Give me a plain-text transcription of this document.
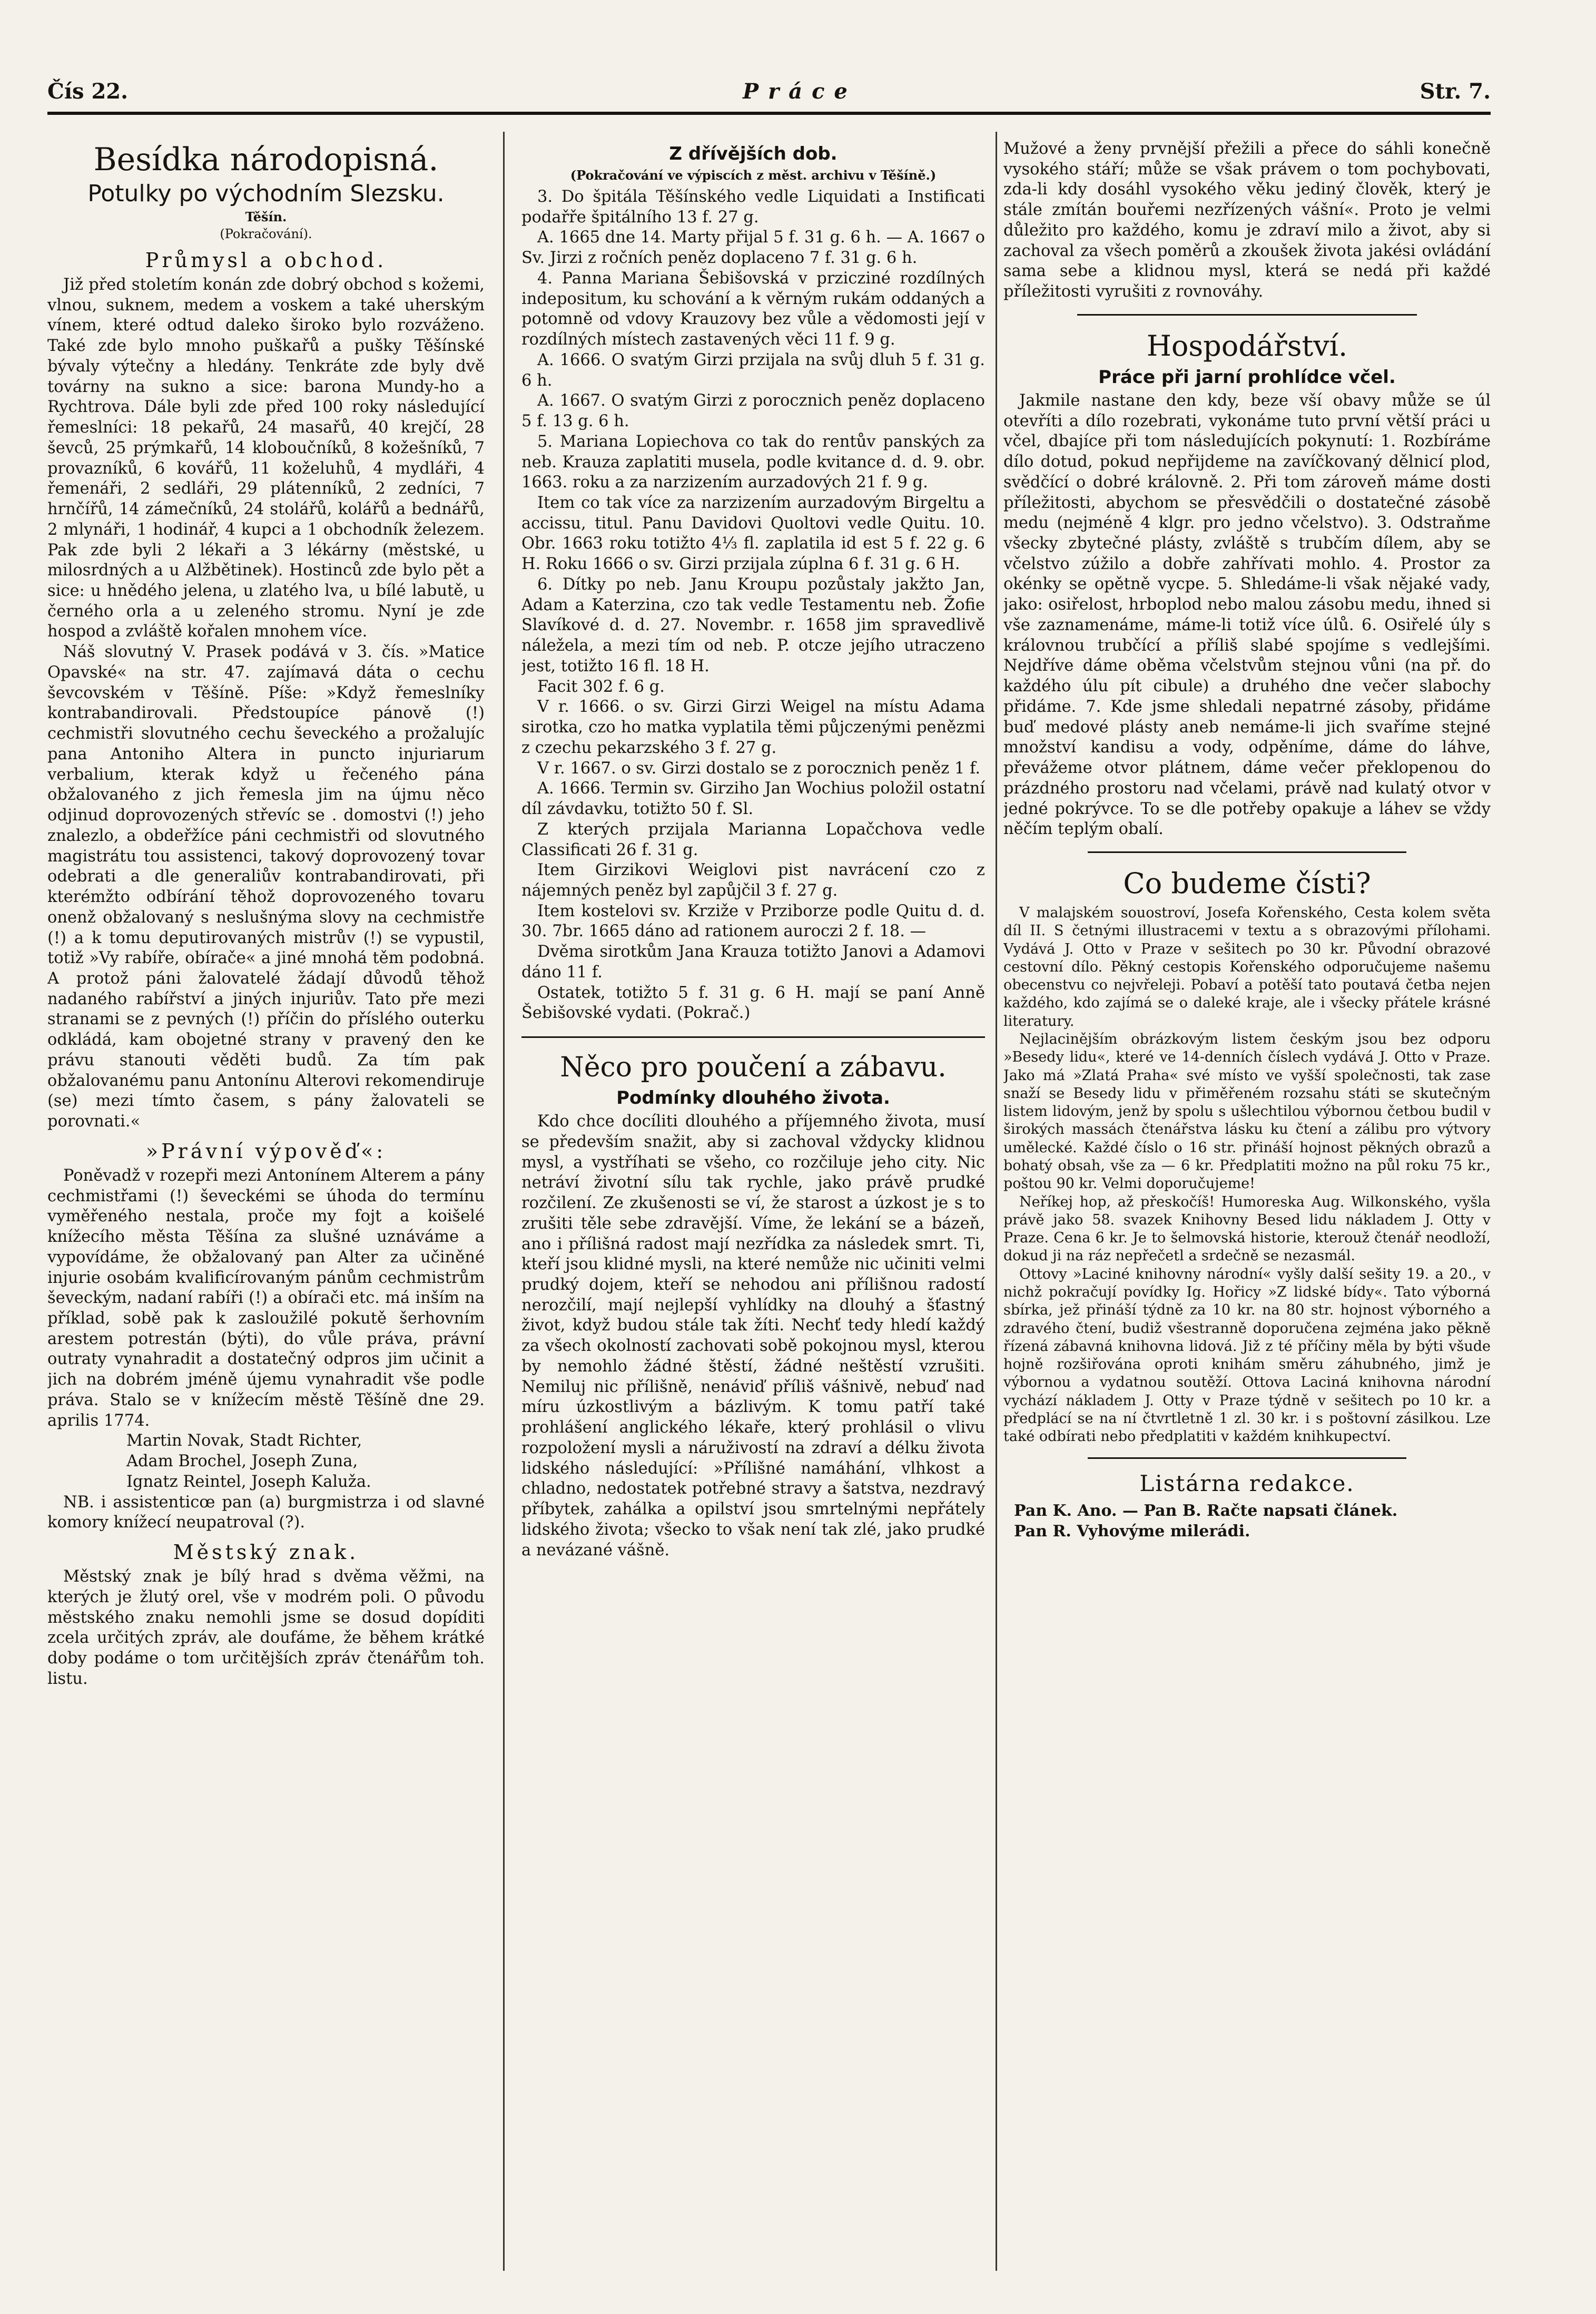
Čís 22.	Práce	Str. 7.
Besídka národopisná.
Potulky po východním Slezsku.
Těšín.
(Pokračování).
Průmysl a obchod.

Již před stoletím konán zde dobrý obchod s kožemi, vlnou, suknem, medem a voskem a také uherským vínem, které odtud daleko široko bylo rozváženo. Také zde bylo mnoho puškařů a pušky Těšínské bývaly výtečny a hledány. Tenkráte zde byly dvě továrny na sukno a sice: barona Mundy-ho a Rychtrova. Dále byli zde před 100 roky následující řemeslníci: 18 pekařů, 24 masařů, 40 krejčí, 28 ševců, 25 prýmkařů, 14 kloboučníků, 8 kožešníků, 7 provazníků, 6 kovářů, 11 koželuhů, 4 mydláři, 4 řemenáři, 2 sedláři, 29 plátenníků, 2 zedníci, 7 hrnčířů, 14 zámečníků, 24 stolářů, kolářů a bednářů, 2 mlynáři, 1 hodinář, 4 kupci a 1 obchodník železem. Pak zde byli 2 lékaři a 3 lékárny (městské, u milosrdných a u Alžbětinek). Hostinců zde bylo pět a sice: u hnědého jelena, u zlatého lva, u bílé labutě, u černého orla a u zeleného stromu. Nyní je zde hospod a zvláště kořalen mnohem více.

Náš slovutný V. Prasek podává v 3. čís. »Matice Opavské« na str. 47. zajímavá dáta o cechu ševcovském v Těšíně. Píše: »Když řemeslníky kontrabandirovali. Předstoupíce pánově (!) cechmistři slovutného cechu ševeckého a prožalujíc pana Antoniho Altera in puncto injuriarum verbalium, kterak když u řečeného pána obžalovaného z jich řemesla jim na újmu něco odjinud doprovozených střevíc se . domostvi (!) jeho znalezlo, a obdeřžíce páni cechmistři od slovutného magistrátu tou assistenci, takový doprovozený tovar odebrati a dle generaliův kontrabandirovati, při kterémžto odbírání těhož doprovozeného tovaru onenž obžalovaný s neslušnýma slovy na cechmistře (!) a k tomu deputirovaných mistrův (!) se vypustil, totiž »Vy rabíře, obírače« a jiné mnohá těm podobná. A protož páni žalovatelé žádají důvodů těhož nadaného rabířství a jiných injuriův. Tato pře mezi stranami se z pevných (!) příčin do příslého outerku odkládá, kam obojetné strany v pravený den ke právu stanouti věděti budů. Za tím pak obžalovanému panu Antonínu Alterovi rekomendiruje (se) mezi tímto časem, s pány žalovateli se porovnati.«

»Právní výpověď«:

Poněvadž v rozepři mezi Antonínem Alterem a pány cechmistřami (!) ševeckémi se úhoda do termínu vyměřeného nestala, proče my fojt a koišelé knížecího města Těšína za slušné uznáváme a vypovídáme, že obžalovaný pan Alter za učiněné injurie osobám kvalificírovaným pánům cechmistrům ševeckým, nadaní rabíři (!) a obírači etc. má inším na příklad, sobě pak k zasloužilé pokutě šerhovním arestem potrestán (býti), do vůle práva, právní outraty vynahradit a dostatečný odpros jim učinit a jich na dobrém jméně újemu vynahradit vše podle práva. Stalo se v knížecím městě Těšíně dne 29. aprilis 1774.

Martin Novak, Stadt Richter,
Adam Brochel, Joseph Zuna,
Ignatz Reintel, Joseph Kaluža.

NB. i assistenticœ pan (a) burgmistrza i od slavné komory knížecí neupatroval (?).

Městský znak.

Městský znak je bílý hrad s dvěma věžmi, na kterých je žlutý orel, vše v modrém poli. O původu městského znaku nemohli jsme se dosud dopíditi zcela určitých zpráv, ale doufáme, že během krátké doby podáme o tom určitějších zpráv čtenářům toh. listu.

Z dřívějších dob.
(Pokračování ve výpiscích z měst. archivu v Těšíně.)

3. Do špitála Těšínského vedle Liquidati a Instificati podařře špitálního 13 f. 27 g.

A. 1665 dne 14. Marty přijal 5 f. 31 g. 6 h. — A. 1667 o Sv. Jirzi z ročních peněz doplaceno 7 f. 31 g. 6 h.

4. Panna Mariana Šebišovská v przicziné rozdílných indepositum, ku schování a k věrným rukám oddaných a potomně od vdovy Krauzovy bez vůle a vědomosti její v rozdílných místech zastavených věci 11 f. 9 g.

A. 1666. O svatým Girzi przijala na svůj dluh 5 f. 31 g. 6 h.

A. 1667. O svatým Girzi z porocznich peněz doplaceno 5 f. 13 g. 6 h.

5. Mariana Lopiechova co tak do rentův panských za neb. Krauza zaplatiti musela, podle kvitance d. d. 9. obr. 1663. roku a za narzizením aurzadových 21 f. 9 g.

Item co tak více za narzizením aurzadovým Birgeltu a accissu, titul. Panu Davidovi Quoltovi vedle Quitu. 10. Obr. 1663 roku totižto 4⅓ fl. zaplatila id est 5 f. 22 g. 6 H. Roku 1666 o sv. Girzi przijala zúplna 6 f. 31 g. 6 H.

6. Dítky po neb. Janu Kroupu pozůstaly jakžto Jan, Adam a Katerzina, czo tak vedle Testamentu neb. Žofie Slavíkové d. d. 27. Novembr. r. 1658 jim spravedlivě náležela, a mezi tím od neb. P. otcze jejího utraczeno jest, totižto 16 fl. 18 H.

Facit 302 f. 6 g.

V r. 1666. o sv. Girzi Girzi Weigel na místu Adama sirotka, czo ho matka vyplatila těmi půjczenými penězmi z czechu pekarzského 3 f. 27 g.

V r. 1667. o sv. Girzi dostalo se z porocznich peněz 1 f.

A. 1666. Termin sv. Girziho Jan Wochius položil ostatní díl závdavku, totižto 50 f. Sl.

Z kterých przijala Marianna Lopačchova vedle Classificati 26 f. 31 g.

Item Girzikovi Weiglovi pist navrácení czo z nájemných peněz byl zapůjčil 3 f. 27 g.

Item kostelovi sv. Krziže v Prziborze podle Quitu d. d. 30. 7br. 1665 dáno ad rationem auroczi 2 f. 18. —

Dvěma sirotkům Jana Krauza totižto Janovi a Adamovi dáno 11 f.

Ostatek, totižto 5 f. 31 g. 6 H. mají se paní Anně Šebišovské vydati. (Pokrač.)

Něco pro poučení a zábavu.
Podmínky dlouhého života.

Kdo chce docíliti dlouhého a příjemného života, musí se především snažit, aby si zachoval vždycky klidnou mysl, a vystříhati se všeho, co rozčiluje jeho city. Nic netráví životní sílu tak rychle, jako právě prudké rozčilení. Ze zkušenosti se ví, že starost a úzkost je s to zrušiti těle sebe zdravější. Víme, že lekání se a bázeň, ano i přílišná radost mají nezřídka za následek smrt. Ti, kteří jsou klidné mysli, na které nemůže nic učiniti velmi prudký dojem, kteří se nehodou ani přílišnou radostí nerozčilí, mají nejlepší vyhlídky na dlouhý a šťastný život, když budou stále tak žíti. Nechť tedy hledí každý za všech okolností zachovati sobě pokojnou mysl, kterou by nemohlo žádné štěstí, žádné neštěstí vzrušiti. Nemiluj nic přílišně, nenáviď příliš vášnivě, nebuď nad míru úzkostlivým a bázlivým. K tomu patří také prohlášení anglického lékaře, který prohlásil o vlivu rozpoložení mysli a náruživostí na zdraví a délku života lidského následující: »Přílišné namáhání, vlhkost a chladno, nedostatek potřebné stravy a šatstva, nezdravý příbytek, zahálka a opilství jsou smrtelnými nepřátely lidského života; všecko to však není tak zlé, jako prudké a nevázané vášně.

Mužové a ženy prvnější přežili a přece do sáhli konečně vysokého stáří; může se však právem o tom pochybovati, zda-li kdy dosáhl vysokého věku jediný člověk, který je stále zmítán bouřemi nezřízených vášní«. Proto je velmi důležito pro každého, komu je zdraví milo a život, aby si zachoval za všech poměrů a zkoušek života jakési ovládání sama sebe a klidnou mysl, která se nedá při každé příležitosti vyrušiti z rovnováhy.

Hospodářství.
Práce při jarní prohlídce včel.

Jakmile nastane den kdy, beze vší obavy může se úl otevříti a dílo rozebrati, vykonáme tuto první větší práci u včel, dbajíce při tom následujících pokynutí: 1. Rozbíráme dílo dotud, pokud nepřijdeme na zavíčkovaný dělnicí plod, svědčící o dobré královně. 2. Při tom zároveň máme dosti příležitosti, abychom se přesvědčili o dostatečné zásobě medu (nejméně 4 klgr. pro jedno včelstvo). 3. Odstraňme všecky zbytečné plásty, zvláště s trubčím dílem, aby se včelstvo zúžilo a dobře zahřívati mohlo. 4. Prostor za okénky se opětně vycpe. 5. Shledáme-li však nějaké vady, jako: osiřelost, hrboplod nebo malou zásobu medu, ihned si vše zaznamenáme, máme-li totiž více úlů. 6. Osiřelé úly s královnou trubčící a příliš slabé spojíme s vedlejšími. Nejdříve dáme oběma včelstvům stejnou vůni (na př. do každého úlu pít cibule) a druhého dne večer slabochy přidáme. 7. Kde jsme shledali nepatrné zásoby, přidáme buď medové plásty aneb nemáme-li jich svaříme stejné množství kandisu a vody, odpěníme, dáme do láhve, převážeme otvor plátnem, dáme večer překlopenou do prázdného prostoru nad včelami, právě nad kulatý otvor v jedné pokrývce. To se dle potřeby opakuje a láhev se vždy něčím teplým obalí.

Co budeme čísti?

V malajském souostroví, Josefa Kořenského, Cesta kolem světa díl II. S četnými illustracemi v textu a s obrazovými přílohami. Vydává J. Otto v Praze v sešitech po 30 kr. Původní obrazové cestovní dílo. Pěkný cestopis Kořenského odporučujeme našemu obecenstvu co nejvřeleji. Pobaví a potěší tato poutavá četba nejen každého, kdo zajímá se o daleké kraje, ale i všecky přátele krásné literatury.

Nejlacinějším obrázkovým listem českým jsou bez odporu »Besedy lidu«, které ve 14-denních číslech vydává J. Otto v Praze. Jako má »Zlatá Praha« své místo ve vyšší společnosti, tak zase snaží se Besedy lidu v přiměřeném rozsahu státi se skutečným listem lidovým, jenž by spolu s ušlechtilou výbornou četbou budil v širokých massách čtenářstva lásku ku čtení a zálibu pro výtvory umělecké. Každé číslo o 16 str. přináší hojnost pěkných obrazů a bohatý obsah, vše za — 6 kr. Předplatiti možno na půl roku 75 kr., poštou 90 kr. Velmi doporučujeme!

Neříkej hop, až přeskočíš! Humoreska Aug. Wilkonského, vyšla právě jako 58. svazek Knihovny Besed lidu nákladem J. Otty v Praze. Cena 6 kr. Je to šelmovská historie, kterouž čtenář neodloží, dokud ji na ráz nepřečetl a srdečně se nezasmál.

Ottovy »Laciné knihovny národní« vyšly další sešity 19. a 20., v nichž pokračují povídky Ig. Hořicy »Z lidské bídy«. Tato výborná sbírka, jež přináší týdně za 10 kr. na 80 str. hojnost výborného a zdravého čtení, budiž všestranně doporučena zejména jako pěkně řízená zábavná knihovna lidová. Již z té příčiny měla by býti všude hojně rozšiřována oproti knihám směru záhubného, jimž je výbornou a vydatnou soutěží. Ottova Laciná knihovna národní vychází nákladem J. Otty v Praze týdně v sešitech po 10 kr. a předplácí se na ní čtvrtletně 1 zl. 30 kr. i s poštovní zásilkou. Lze také odbírati nebo předplatiti v každém knihkupectví.

Listárna redakce.
Pan K. Ano. — Pan B. Račte napsati článek.
Pan R. Vyhovýme milerádi.
